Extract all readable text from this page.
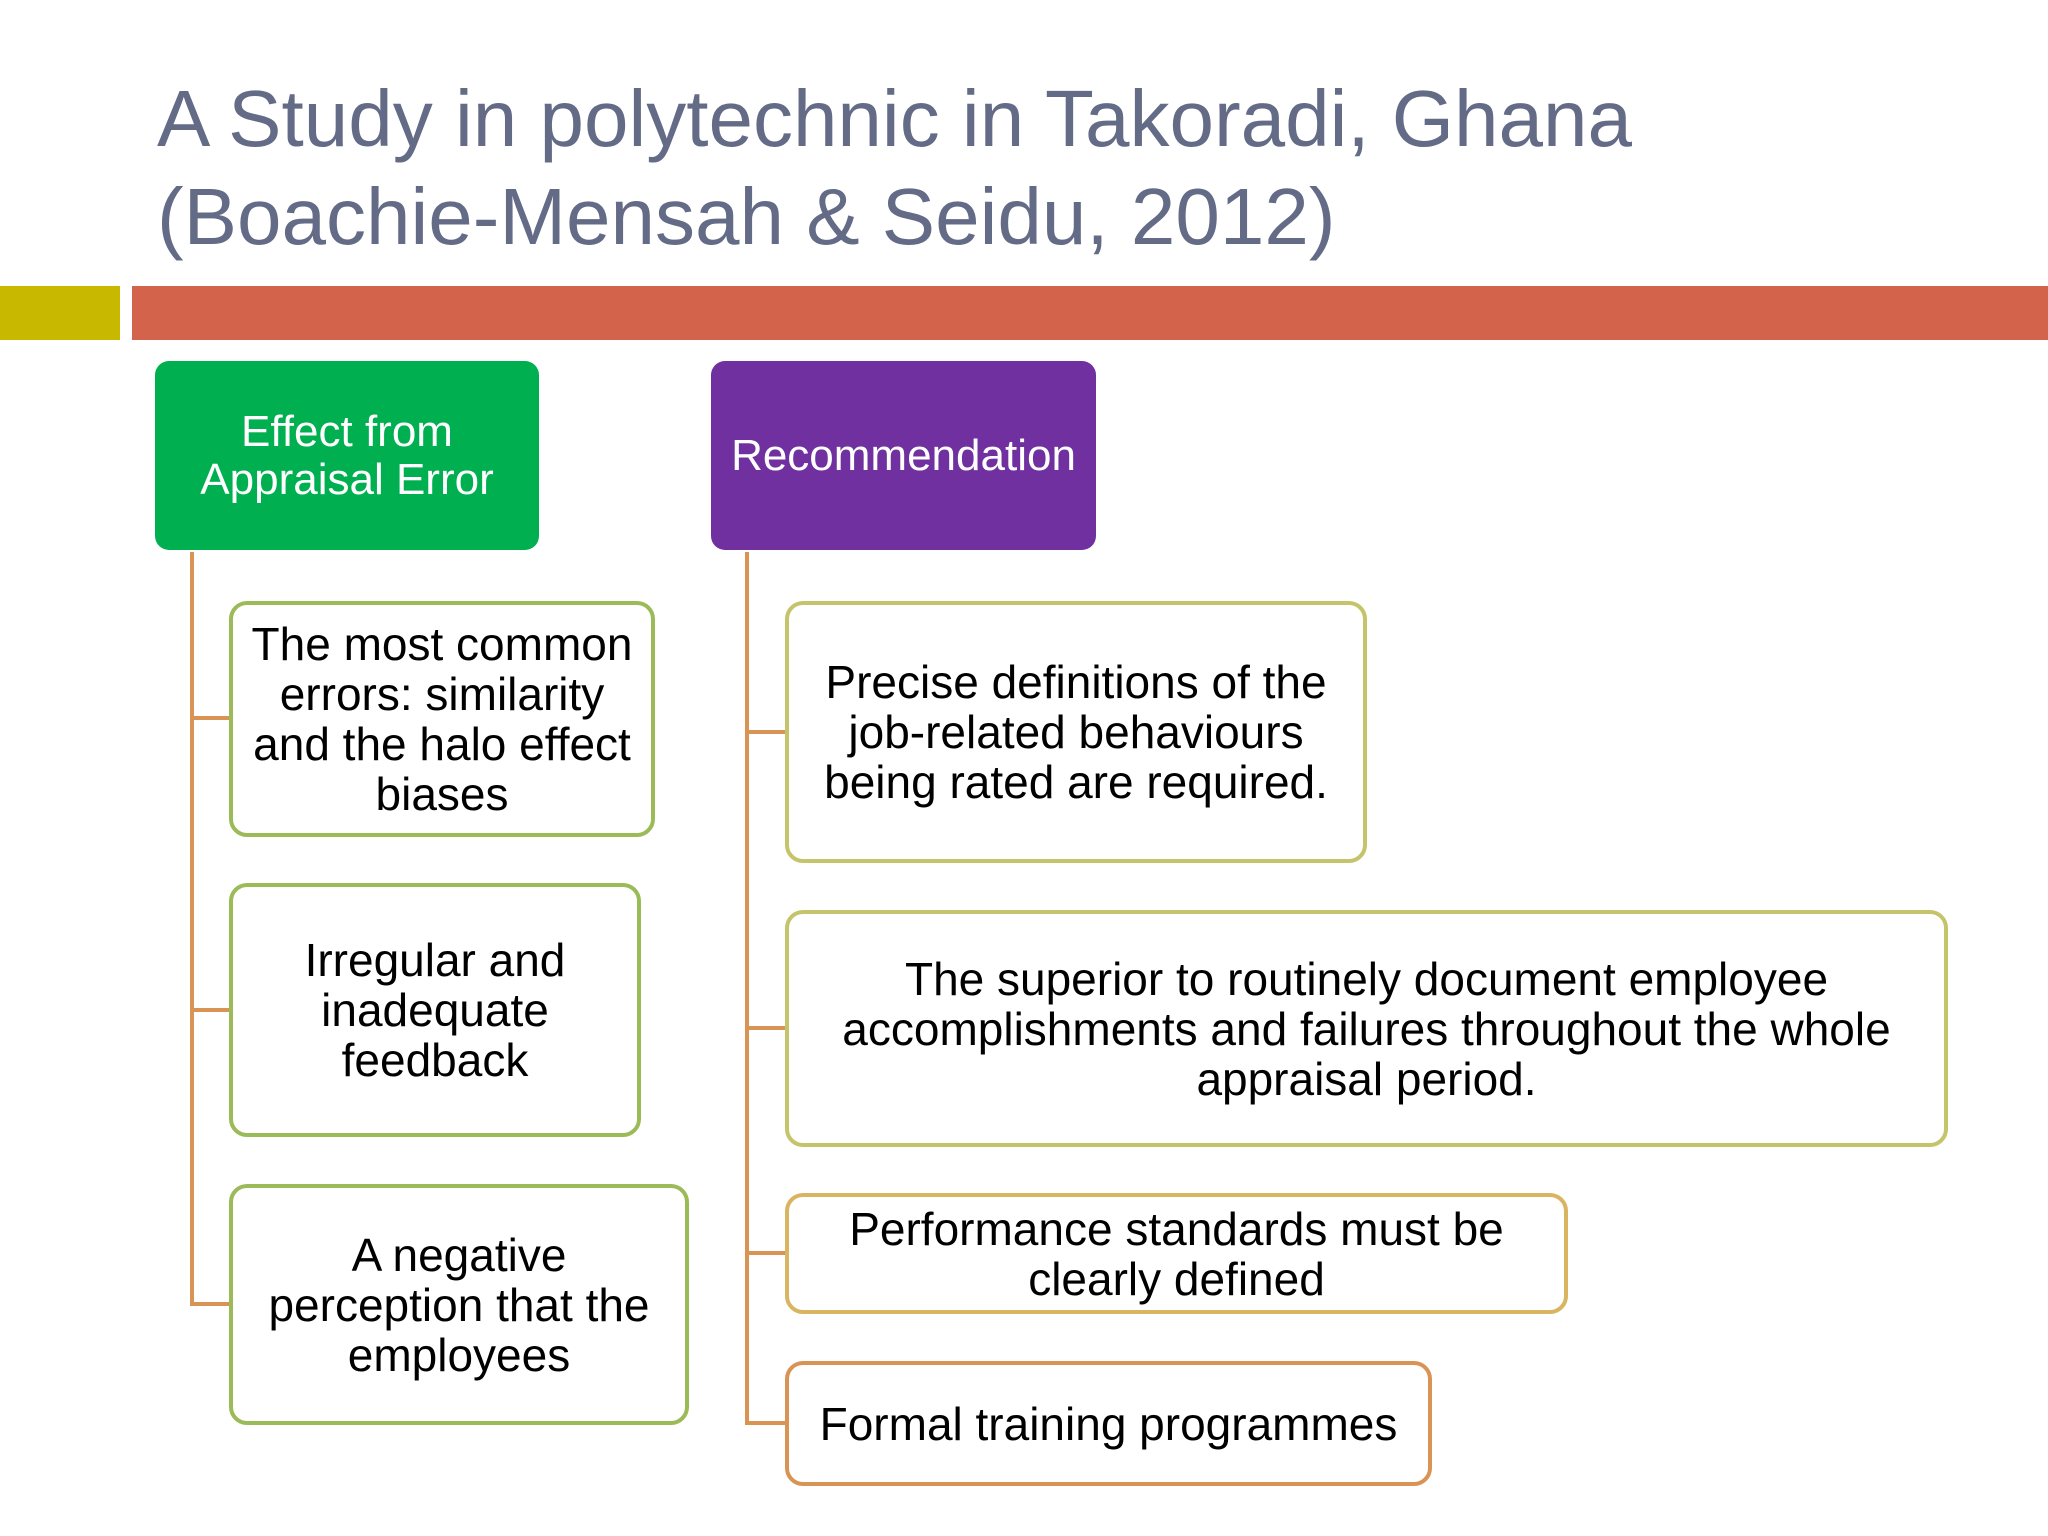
A Study in polytechnic in Takoradi, Ghana
(Boachie-Mensah & Seidu, 2012)
Effect from Appraisal Error	Recommendation
The most common errors: similarity and the halo effect biases
Irregular and inadequate feedback
A negative perception that the employees
Precise definitions of the job-related behaviours being rated are required.
The superior to routinely document employee accomplishments and failures throughout the whole appraisal period.
Performance standards must be clearly defined
Formal training programmes
